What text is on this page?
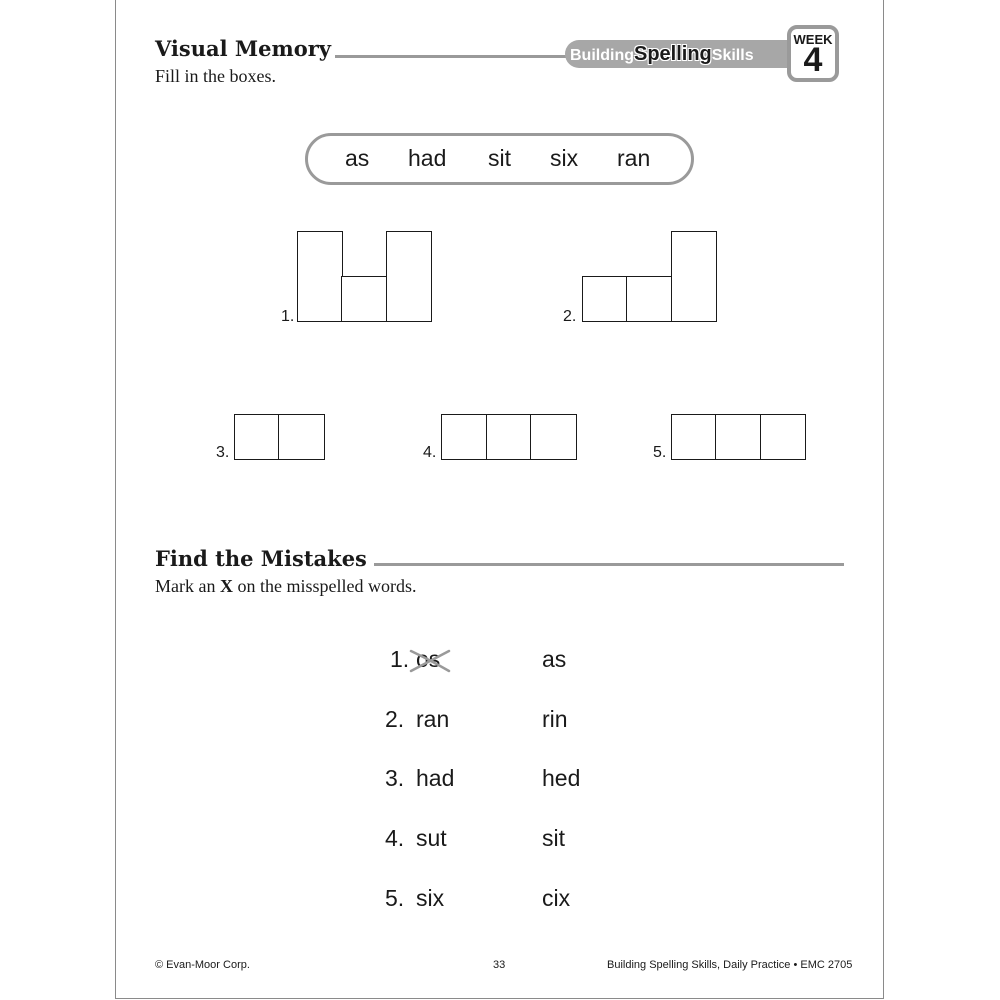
BuildingSpellingSkills
WEEK
4
Visual Memory
Fill in the boxes.
as had sit six ran
1.	2.
3.	4.	5.
Find the Mistakes
Mark an X on the misspelled words.
1. os	as
2. ran	rin
3. had	hed
4. sut	sit
5. six	cix
© Evan-Moor Corp.	33	Building Spelling Skills, Daily Practice • EMC 2705
